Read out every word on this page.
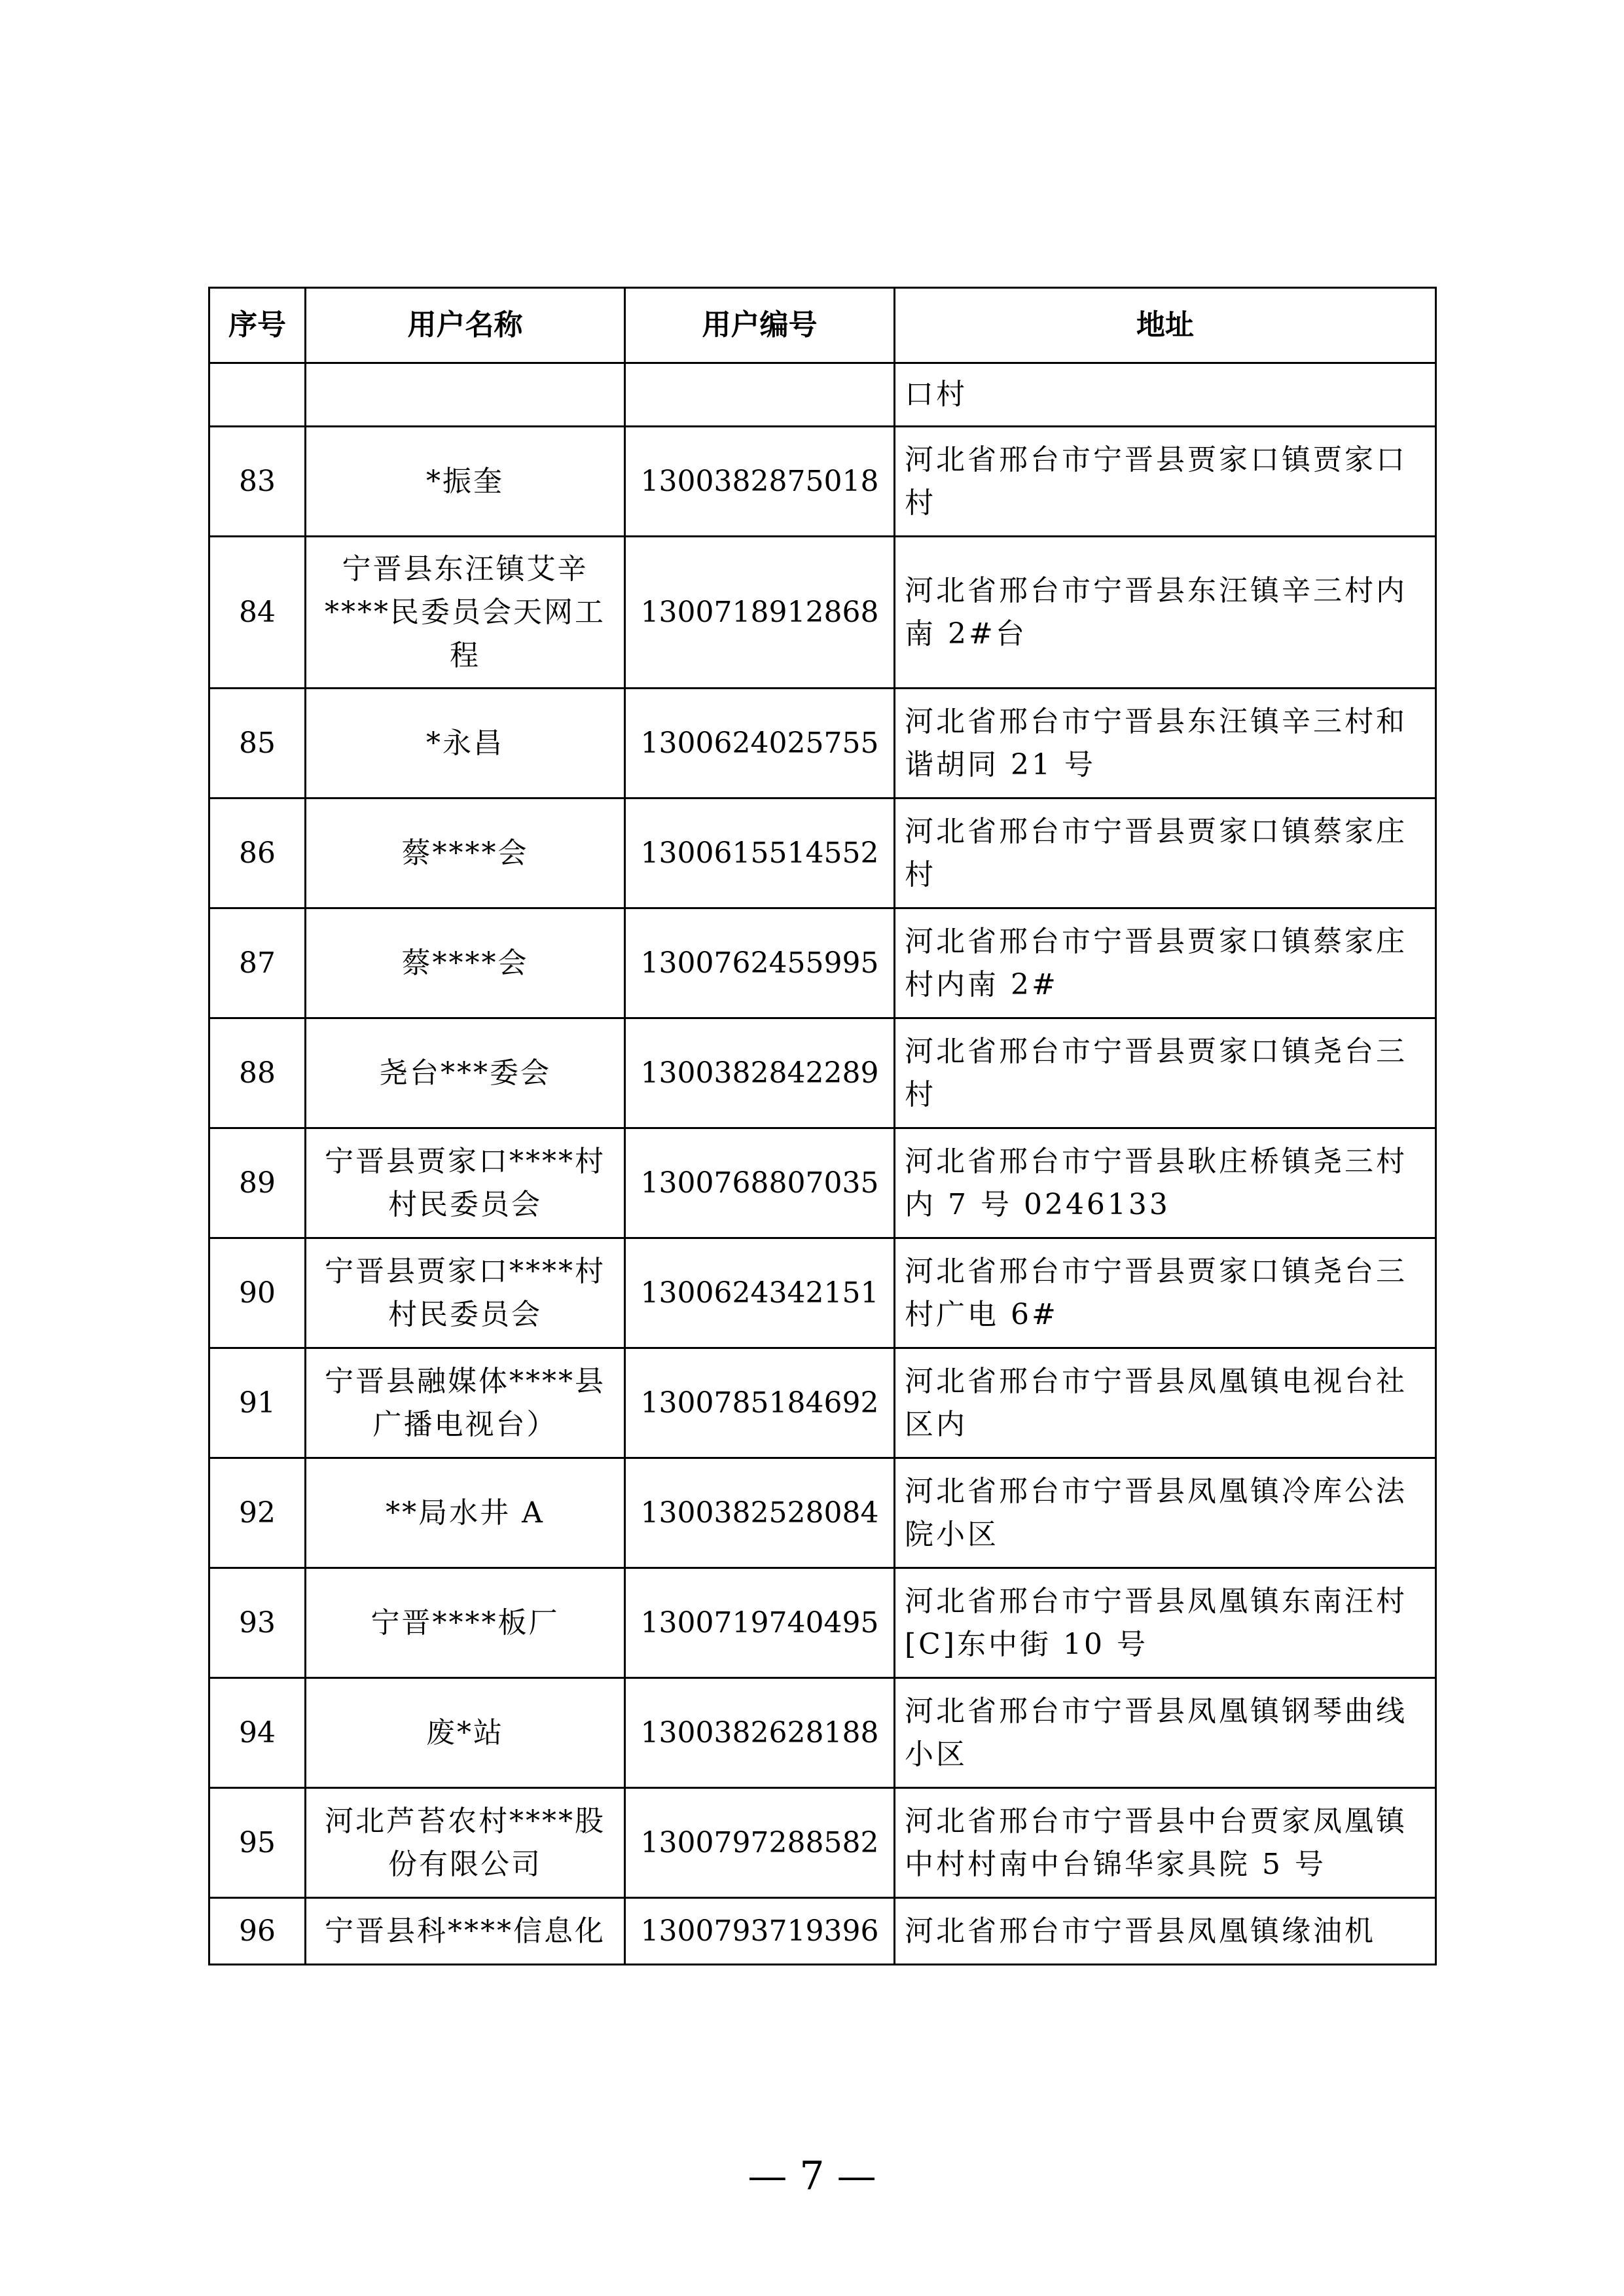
序号	用户名称	用户编号	地址
			口村
83	*振奎	1300382875018	河北省邢台市宁晋县贾家口镇贾家口村
84	宁晋县东汪镇艾辛****民委员会天网工程	1300718912868	河北省邢台市宁晋县东汪镇辛三村内南 2#台
85	*永昌	1300624025755	河北省邢台市宁晋县东汪镇辛三村和谐胡同 21 号
86	蔡****会	1300615514552	河北省邢台市宁晋县贾家口镇蔡家庄村
87	蔡****会	1300762455995	河北省邢台市宁晋县贾家口镇蔡家庄村内南 2#
88	尧台***委会	1300382842289	河北省邢台市宁晋县贾家口镇尧台三村
89	宁晋县贾家口****村村民委员会	1300768807035	河北省邢台市宁晋县耿庄桥镇尧三村内 7 号 0246133
90	宁晋县贾家口****村村民委员会	1300624342151	河北省邢台市宁晋县贾家口镇尧台三村广电 6#
91	宁晋县融媒体****县广播电视台）	1300785184692	河北省邢台市宁晋县凤凰镇电视台社区内
92	**局水井 A	1300382528084	河北省邢台市宁晋县凤凰镇冷库公法院小区
93	宁晋****板厂	1300719740495	河北省邢台市宁晋县凤凰镇东南汪村[C]东中街 10 号
94	废*站	1300382628188	河北省邢台市宁晋县凤凰镇钢琴曲线小区
95	河北芦苔农村****股份有限公司	1300797288582	河北省邢台市宁晋县中台贾家凤凰镇中村村南中台锦华家具院 5 号
96	宁晋县科****信息化	1300793719396	河北省邢台市宁晋县凤凰镇缘油机
— 7 —
